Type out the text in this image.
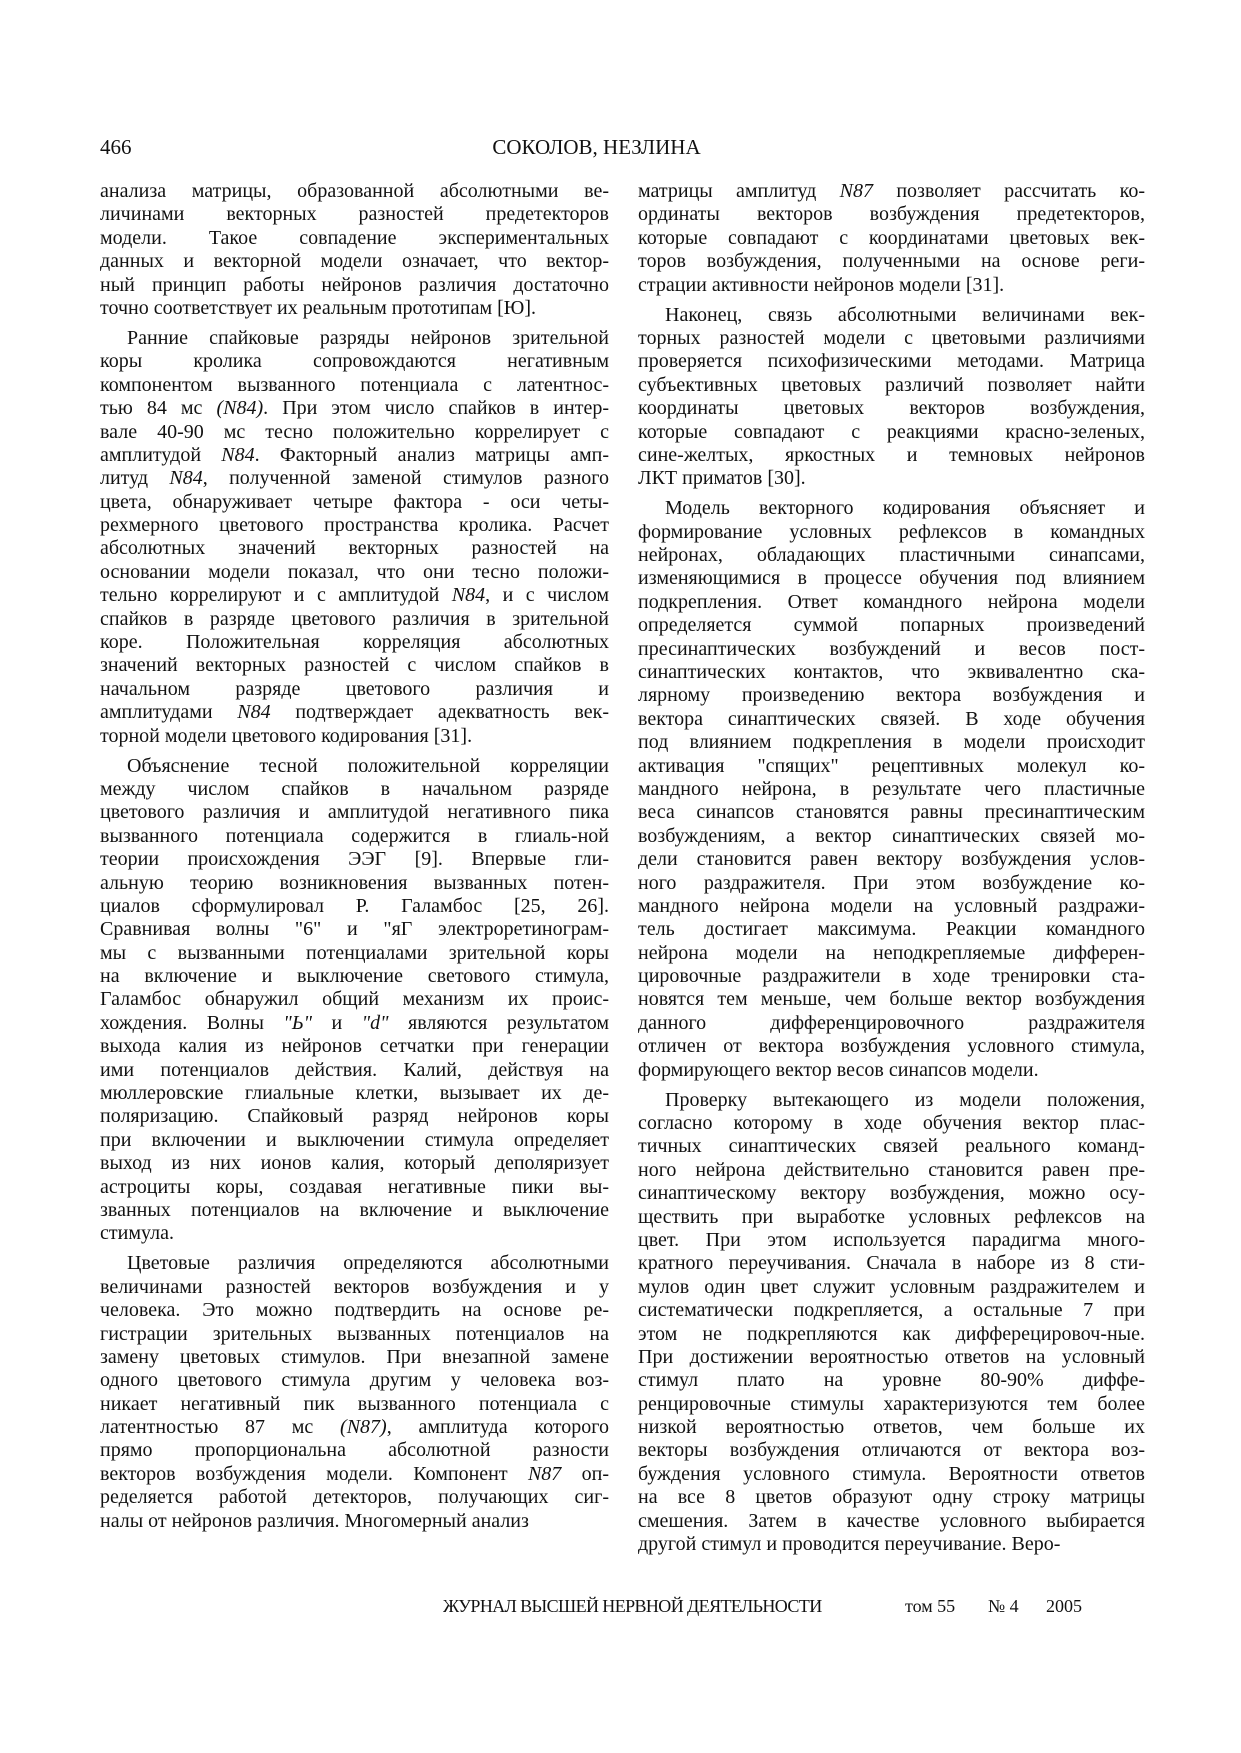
466	СОКОЛОВ, НЕЗЛИНА
анализа матрицы, образованной абсолютными ве-
личинами векторных разностей предетекторов
модели. Такое совпадение экспериментальных
данных и векторной модели означает, что вектор-
ный принцип работы нейронов различия достаточно
точно соответствует их реальным прототипам [Ю].
Ранние спайковые разряды нейронов зрительной
коры кролика сопровождаются негативным
компонентом вызванного потенциала с латентнос-
тью 84 мс (N84). При этом число спайков в интер-
вале 40-90 мс тесно положительно коррелирует с
амплитудой N84. Факторный анализ матрицы амп-
литуд N84, полученной заменой стимулов разного
цвета, обнаруживает четыре фактора - оси четы-
рехмерного цветового пространства кролика. Расчет
абсолютных значений векторных разностей на
основании модели показал, что они тесно положи-
тельно коррелируют и с амплитудой N84, и с числом
спайков в разряде цветового различия в зрительной
коре. Положительная корреляция абсолютных
значений векторных разностей с числом спайков в
начальном разряде цветового различия и
амплитудами N84 подтверждает адекватность век-
торной модели цветового кодирования [31].
Объяснение тесной положительной корреляции
между числом спайков в начальном разряде
цветового различия и амплитудой негативного пика
вызванного потенциала содержится в глиаль-ной
теории происхождения ЭЭГ [9]. Впервые гли-
альную теорию возникновения вызванных потен-
циалов сформулировал Р. Галамбос [25, 26].
Сравнивая волны "6" и "яГ электроретинограм-
мы с вызванными потенциалами зрительной коры
на включение и выключение светового стимула,
Галамбос обнаружил общий механизм их проис-
хождения. Волны "Ь" и "d" являются результатом
выхода калия из нейронов сетчатки при генерации
ими потенциалов действия. Калий, действуя на
мюллеровские глиальные клетки, вызывает их де-
поляризацию. Спайковый разряд нейронов коры
при включении и выключении стимула определяет
выход из них ионов калия, который деполяризует
астроциты коры, создавая негативные пики вы-
званных потенциалов на включение и выключение
стимула.
Цветовые различия определяются абсолютными
величинами разностей векторов возбуждения и у
человека. Это можно подтвердить на основе ре-
гистрации зрительных вызванных потенциалов на
замену цветовых стимулов. При внезапной замене
одного цветового стимула другим у человека воз-
никает негативный пик вызванного потенциала с
латентностью 87 мс (N87), амплитуда которого
прямо пропорциональна абсолютной разности
векторов возбуждения модели. Компонент N87 оп-
ределяется работой детекторов, получающих сиг-
налы от нейронов различия. Многомерный анализ
матрицы амплитуд N87 позволяет рассчитать ко-
ординаты векторов возбуждения предетекторов,
которые совпадают с координатами цветовых век-
торов возбуждения, полученными на основе реги-
страции активности нейронов модели [31].
Наконец, связь абсолютными величинами век-
торных разностей модели с цветовыми различиями
проверяется психофизическими методами. Матрица
субъективных цветовых различий позволяет найти
координаты цветовых векторов возбуждения,
которые совпадают с реакциями красно-зеленых,
сине-желтых, яркостных и темновых нейронов
ЛКТ приматов [30].
Модель векторного кодирования объясняет и
формирование условных рефлексов в командных
нейронах, обладающих пластичными синапсами,
изменяющимися в процессе обучения под влиянием
подкрепления. Ответ командного нейрона модели
определяется суммой попарных произведений
пресинаптических возбуждений и весов пост-
синаптических контактов, что эквивалентно ска-
лярному произведению вектора возбуждения и
вектора синаптических связей. В ходе обучения
под влиянием подкрепления в модели происходит
активация "спящих" рецептивных молекул ко-
мандного нейрона, в результате чего пластичные
веса синапсов становятся равны пресинаптическим
возбуждениям, а вектор синаптических связей мо-
дели становится равен вектору возбуждения услов-
ного раздражителя. При этом возбуждение ко-
мандного нейрона модели на условный раздражи-
тель достигает максимума. Реакции командного
нейрона модели на неподкрепляемые дифферен-
цировочные раздражители в ходе тренировки ста-
новятся тем меньше, чем больше вектор возбуждения
данного дифференцировочного раздражителя
отличен от вектора возбуждения условного стимула,
формирующего вектор весов синапсов модели.
Проверку вытекающего из модели положения,
согласно которому в ходе обучения вектор плас-
тичных синаптических связей реального команд-
ного нейрона действительно становится равен пре-
синаптическому вектору возбуждения, можно осу-
ществить при выработке условных рефлексов на
цвет. При этом используется парадигма много-
кратного переучивания. Сначала в наборе из 8 сти-
мулов один цвет служит условным раздражителем и
систематически подкрепляется, а остальные 7 при
этом не подкрепляются как дифферецировоч-ные.
При достижении вероятностью ответов на условный
стимул плато на уровне 80-90% диффе-
ренцировочные стимулы характеризуются тем более
низкой вероятностью ответов, чем больше их
векторы возбуждения отличаются от вектора воз-
буждения условного стимула. Вероятности ответов
на все 8 цветов образуют одну строку матрицы
смешения. Затем в качестве условного выбирается
другой стимул и проводится переучивание. Веро-
ЖУРНАЛ ВЫСШЕЙ НЕРВНОЙ ДЕЯТЕЛЬНОСТИ	том 55 № 4 2005
